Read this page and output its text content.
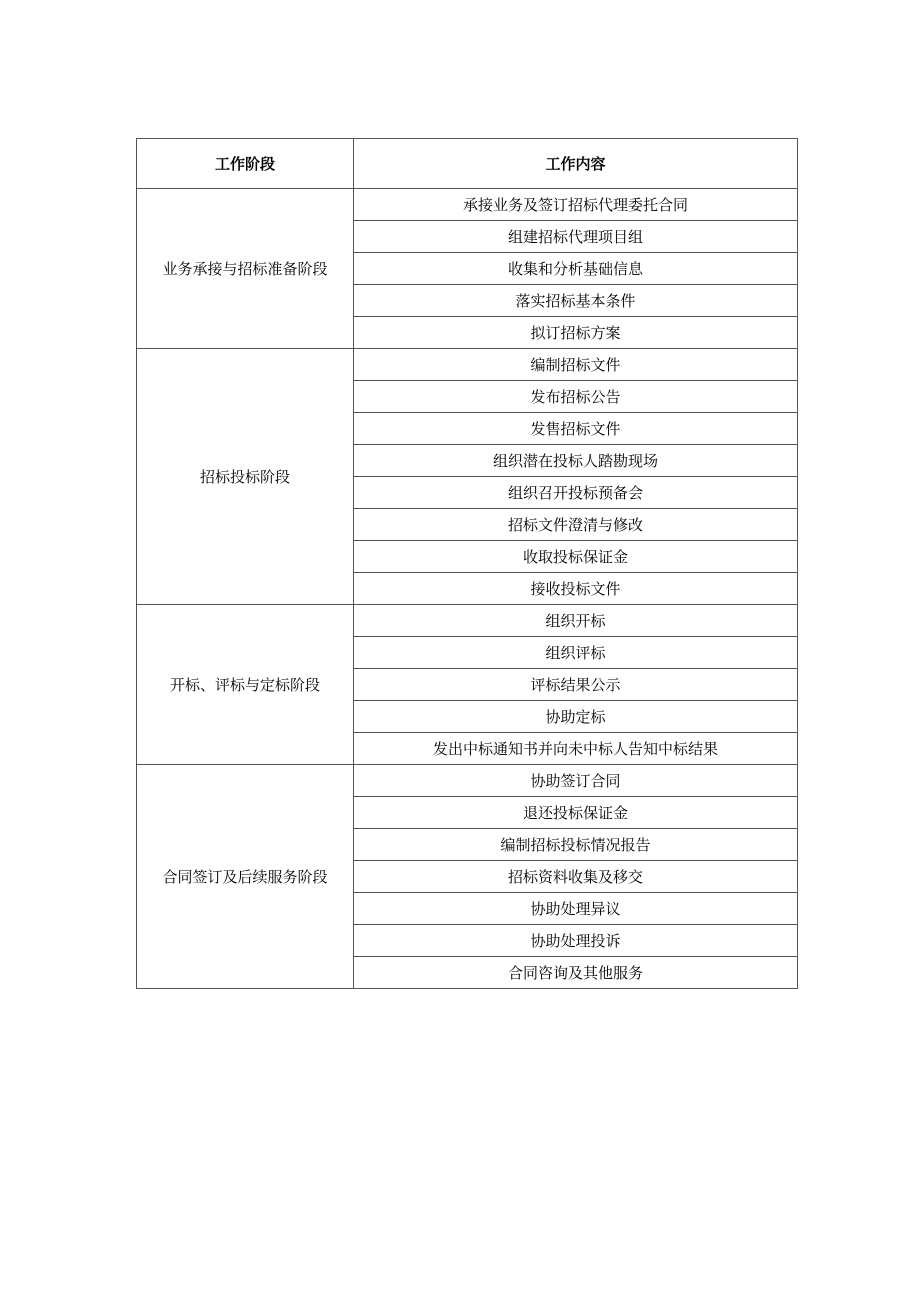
工作阶段	工作内容
业务承接与招标准备阶段	承接业务及签订招标代理委托合同
	组建招标代理项目组
	收集和分析基础信息
	落实招标基本条件
	拟订招标方案
招标投标阶段	编制招标文件
	发布招标公告
	发售招标文件
	组织潜在投标人踏勘现场
	组织召开投标预备会
	招标文件澄清与修改
	收取投标保证金
	接收投标文件
开标、评标与定标阶段	组织开标
	组织评标
	评标结果公示
	协助定标
	发出中标通知书并向未中标人告知中标结果
合同签订及后续服务阶段	协助签订合同
	退还投标保证金
	编制招标投标情况报告
	招标资料收集及移交
	协助处理异议
	协助处理投诉
	合同咨询及其他服务
